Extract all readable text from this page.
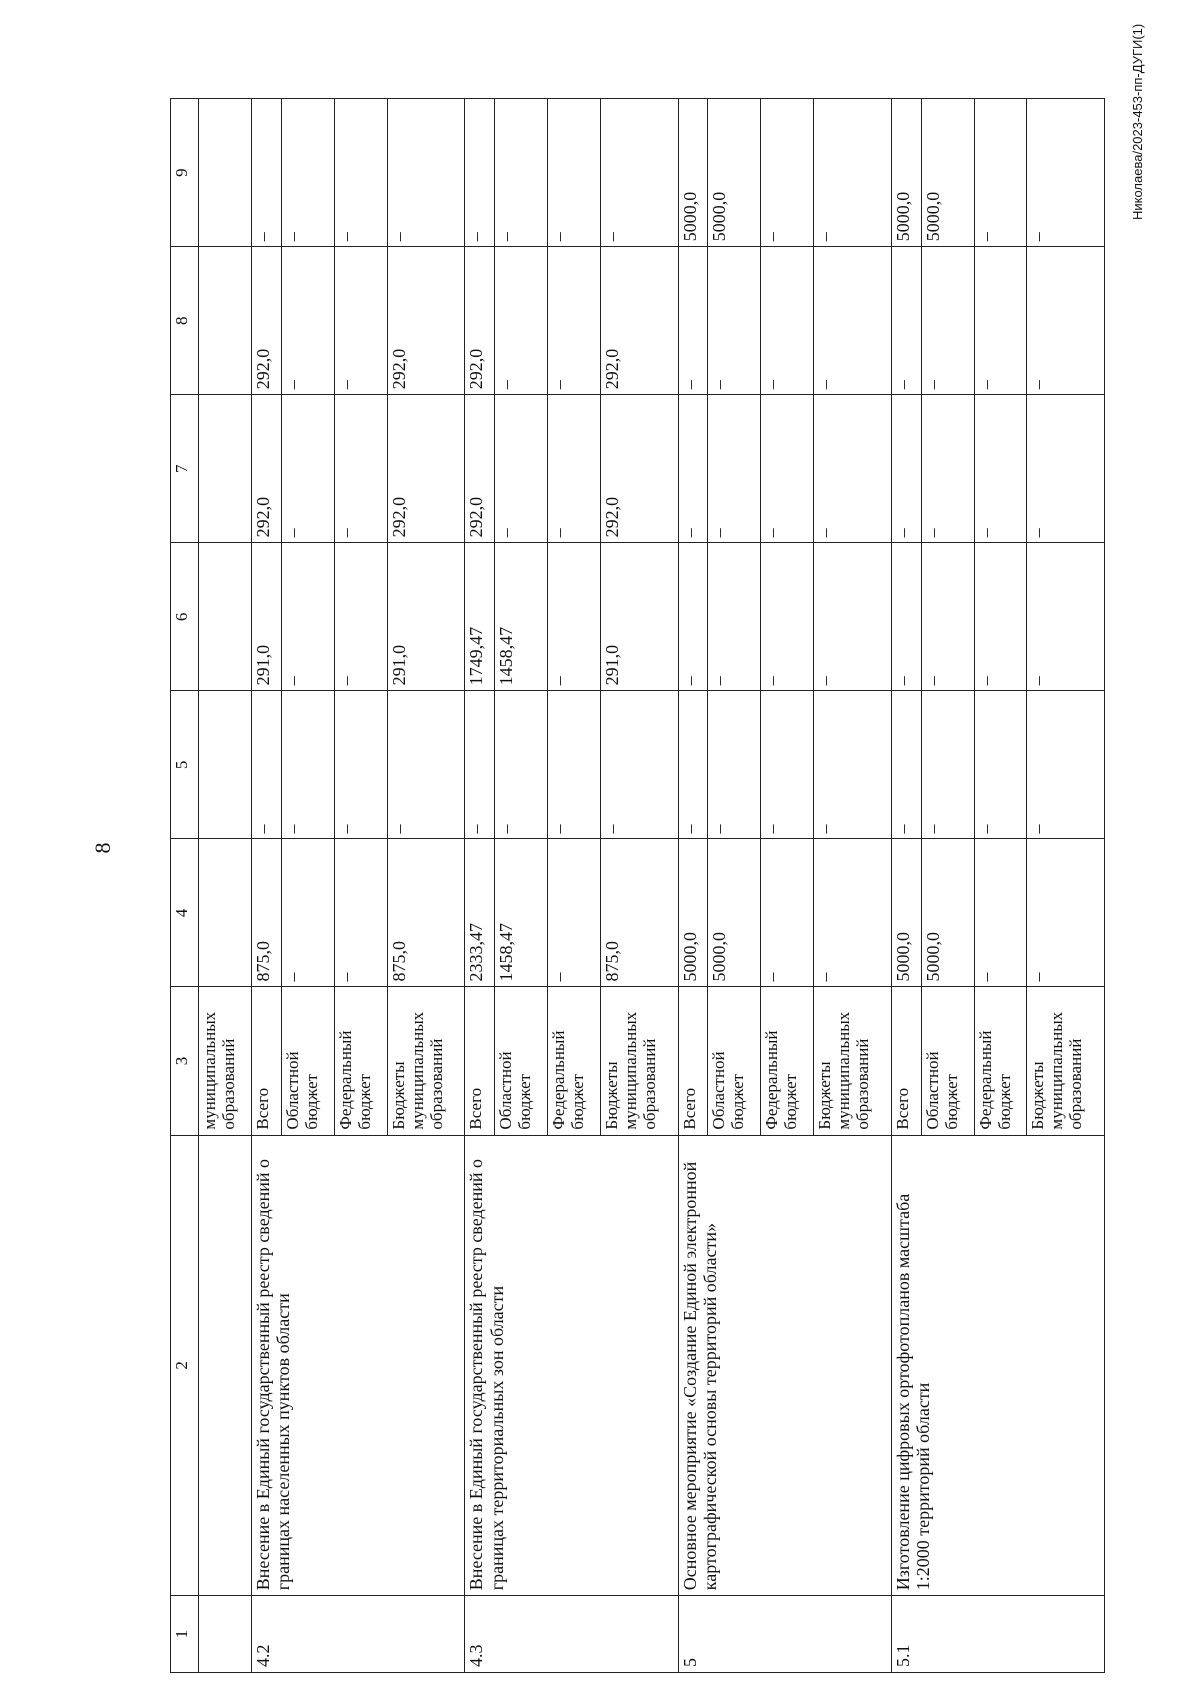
8
Николаева/2023-453-пп-ДУГИ(1)
1	2	3	4	5	6	7	8	9
		муниципальных образований						
4.2	Внесение в Единый государственный реестр сведений о границах населенных пунктов области	Всего	875,0	–	291,0	292,0	292,0	–
		Областной бюджет	–	–	–	–	–	–
		Федеральный бюджет	–	–	–	–	–	–
		Бюджеты муниципальных образований	875,0	–	291,0	292,0	292,0	–
4.3	Внесение в Единый государственный реестр сведений о границах территориальных зон области	Всего	2333,47	–	1749,47	292,0	292,0	–
		Областной бюджет	1458,47	–	1458,47	–	–	–
		Федеральный бюджет	–	–	–	–	–	–
		Бюджеты муниципальных образований	875,0	–	291,0	292,0	292,0	–
5	Основное мероприятие «Создание Единой электронной картографической основы территорий области»	Всего	5000,0	–	–	–	–	5000,0
		Областной бюджет	5000,0	–	–	–	–	5000,0
		Федеральный бюджет	–	–	–	–	–	–
		Бюджеты муниципальных образований	–	–	–	–	–	–
5.1	Изготовление цифровых ортофотопланов масштаба 1:2000 территорий области	Всего	5000,0	–	–	–	–	5000,0
		Областной бюджет	5000,0	–	–	–	–	5000,0
		Федеральный бюджет	–	–	–	–	–	–
		Бюджеты муниципальных образований	–	–	–	–	–	–
